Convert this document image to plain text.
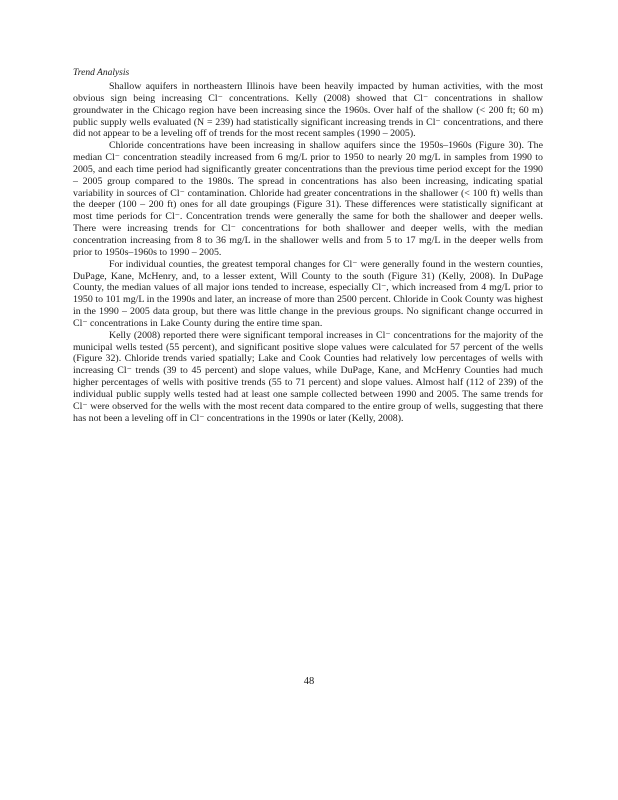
Trend Analysis

Shallow aquifers in northeastern Illinois have been heavily impacted by human activities, with the most obvious sign being increasing Cl⁻ concentrations. Kelly (2008) showed that Cl⁻ concentrations in shallow groundwater in the Chicago region have been increasing since the 1960s. Over half of the shallow (< 200 ft; 60 m) public supply wells evaluated (N = 239) had statistically significant increasing trends in Cl⁻ concentrations, and there did not appear to be a leveling off of trends for the most recent samples (1990 – 2005).

Chloride concentrations have been increasing in shallow aquifers since the 1950s–1960s (Figure 30). The median Cl⁻ concentration steadily increased from 6 mg/L prior to 1950 to nearly 20 mg/L in samples from 1990 to 2005, and each time period had significantly greater concentrations than the previous time period except for the 1990 – 2005 group compared to the 1980s. The spread in concentrations has also been increasing, indicating spatial variability in sources of Cl⁻ contamination. Chloride had greater concentrations in the shallower (< 100 ft) wells than the deeper (100 – 200 ft) ones for all date groupings (Figure 31). These differences were statistically significant at most time periods for Cl⁻. Concentration trends were generally the same for both the shallower and deeper wells. There were increasing trends for Cl⁻ concentrations for both shallower and deeper wells, with the median concentration increasing from 8 to 36 mg/L in the shallower wells and from 5 to 17 mg/L in the deeper wells from prior to 1950s–1960s to 1990 – 2005.

For individual counties, the greatest temporal changes for Cl⁻ were generally found in the western counties, DuPage, Kane, McHenry, and, to a lesser extent, Will County to the south (Figure 31) (Kelly, 2008). In DuPage County, the median values of all major ions tended to increase, especially Cl⁻, which increased from 4 mg/L prior to 1950 to 101 mg/L in the 1990s and later, an increase of more than 2500 percent. Chloride in Cook County was highest in the 1990 – 2005 data group, but there was little change in the previous groups. No significant change occurred in Cl⁻ concentrations in Lake County during the entire time span.

Kelly (2008) reported there were significant temporal increases in Cl⁻ concentrations for the majority of the municipal wells tested (55 percent), and significant positive slope values were calculated for 57 percent of the wells (Figure 32). Chloride trends varied spatially; Lake and Cook Counties had relatively low percentages of wells with increasing Cl⁻ trends (39 to 45 percent) and slope values, while DuPage, Kane, and McHenry Counties had much higher percentages of wells with positive trends (55 to 71 percent) and slope values. Almost half (112 of 239) of the individual public supply wells tested had at least one sample collected between 1990 and 2005. The same trends for Cl⁻ were observed for the wells with the most recent data compared to the entire group of wells, suggesting that there has not been a leveling off in Cl⁻ concentrations in the 1990s or later (Kelly, 2008).

48
